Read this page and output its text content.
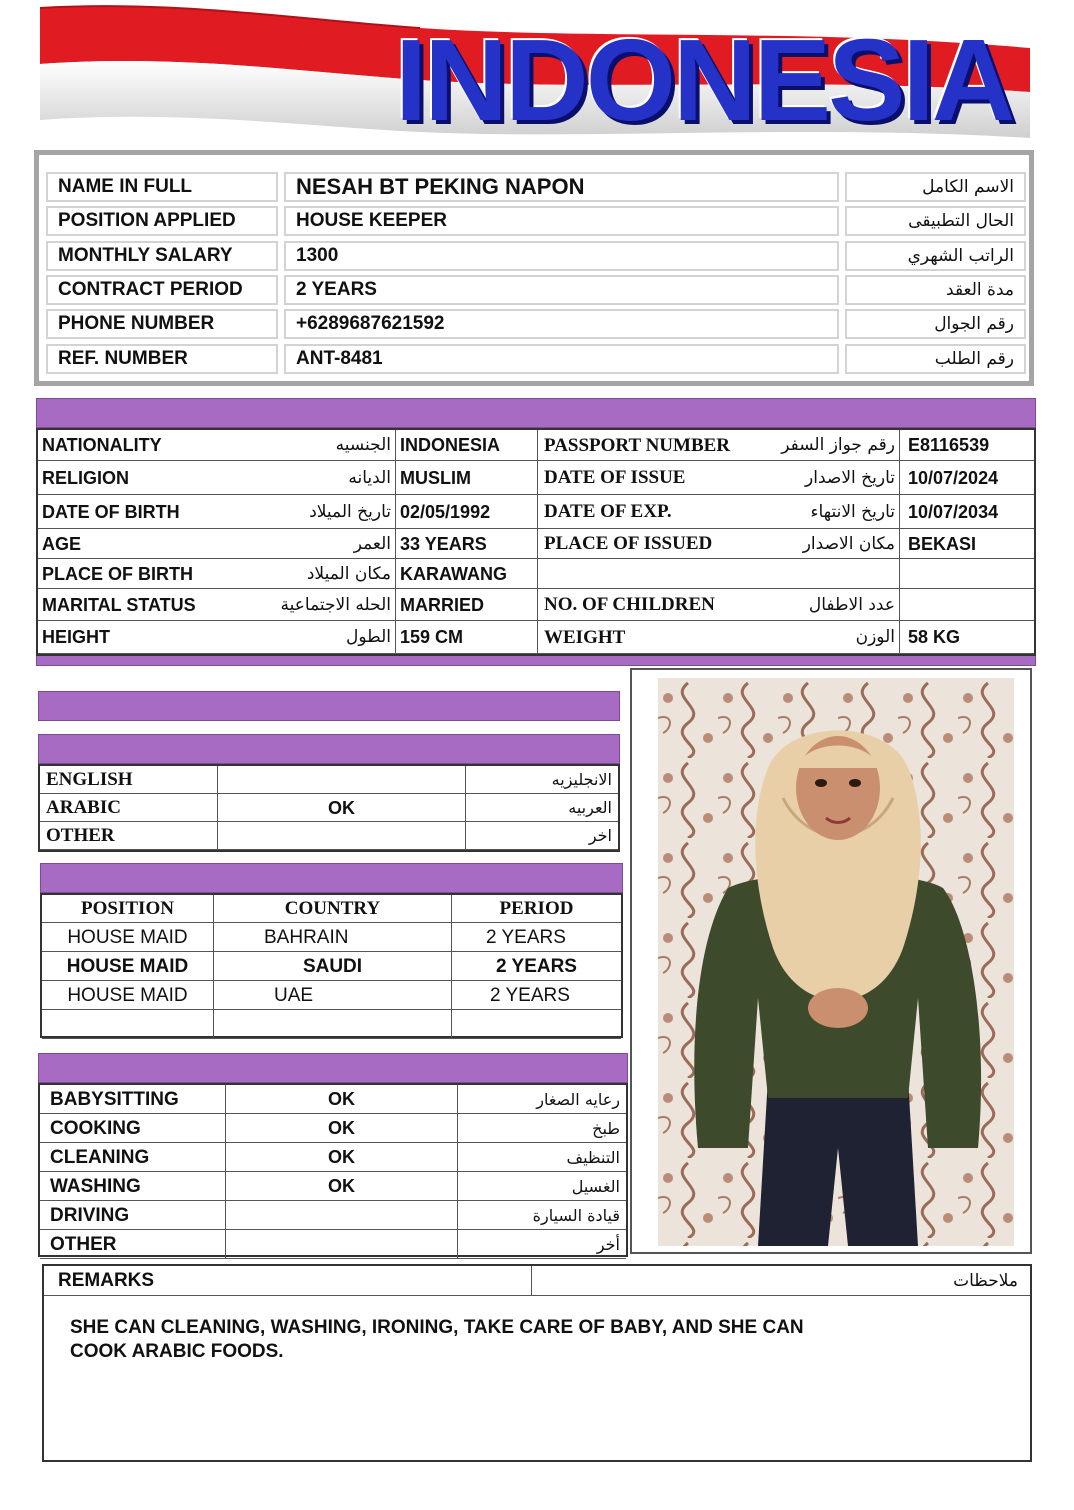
INDONESIA
NAME IN FULL	NESAH BT PEKING NAPON	الاسم الكامل
POSITION APPLIED	HOUSE KEEPER	الحال التطبيقى
MONTHLY SALARY	1300	الراتب الشهري
CONTRACT PERIOD	2 YEARS	مدة العقد
PHONE NUMBER	+6289687621592	رقم الجوال
REF. NUMBER	ANT-8481	رقم الطلب
NATIONALITY	الجنسيه INDONESIA	PASSPORT NUMBER	رقم جواز السفر E8116539
RELIGION	الديانه MUSLIM	DATE OF ISSUE	تاريخ الاصدار 10/07/2024
DATE OF BIRTH	تاريخ الميلاد 02/05/1992	DATE OF EXP.	تاريخ الانتهاء 10/07/2034
AGE	العمر 33 YEARS	PLACE OF ISSUED	مكان الاصدار BEKASI
PLACE OF BIRTH	مكان الميلاد KARAWANG
MARITAL STATUS	الحله الاجتماعية MARRIED	NO. OF CHILDREN	عدد الاطفال
HEIGHT	الطول 159 CM	WEIGHT	الوزن 58 KG
ENGLISH	الانجليزيه
ARABIC	OK	العربيه
OTHER	اخر
POSITION	COUNTRY	PERIOD
HOUSE MAID	BAHRAIN	2 YEARS
HOUSE MAID	SAUDI	2 YEARS
HOUSE MAID	UAE	2 YEARS
BABYSITTING	OK	رعايه الصغار
COOKING	OK	طبخ
CLEANING	OK	التنظيف
WASHING	OK	الغسيل
DRIVING	قيادة السيارة
OTHER	أخر
REMARKS	ملاحظات
SHE CAN CLEANING, WASHING, IRONING, TAKE CARE OF BABY, AND SHE CAN
COOK ARABIC FOODS.
